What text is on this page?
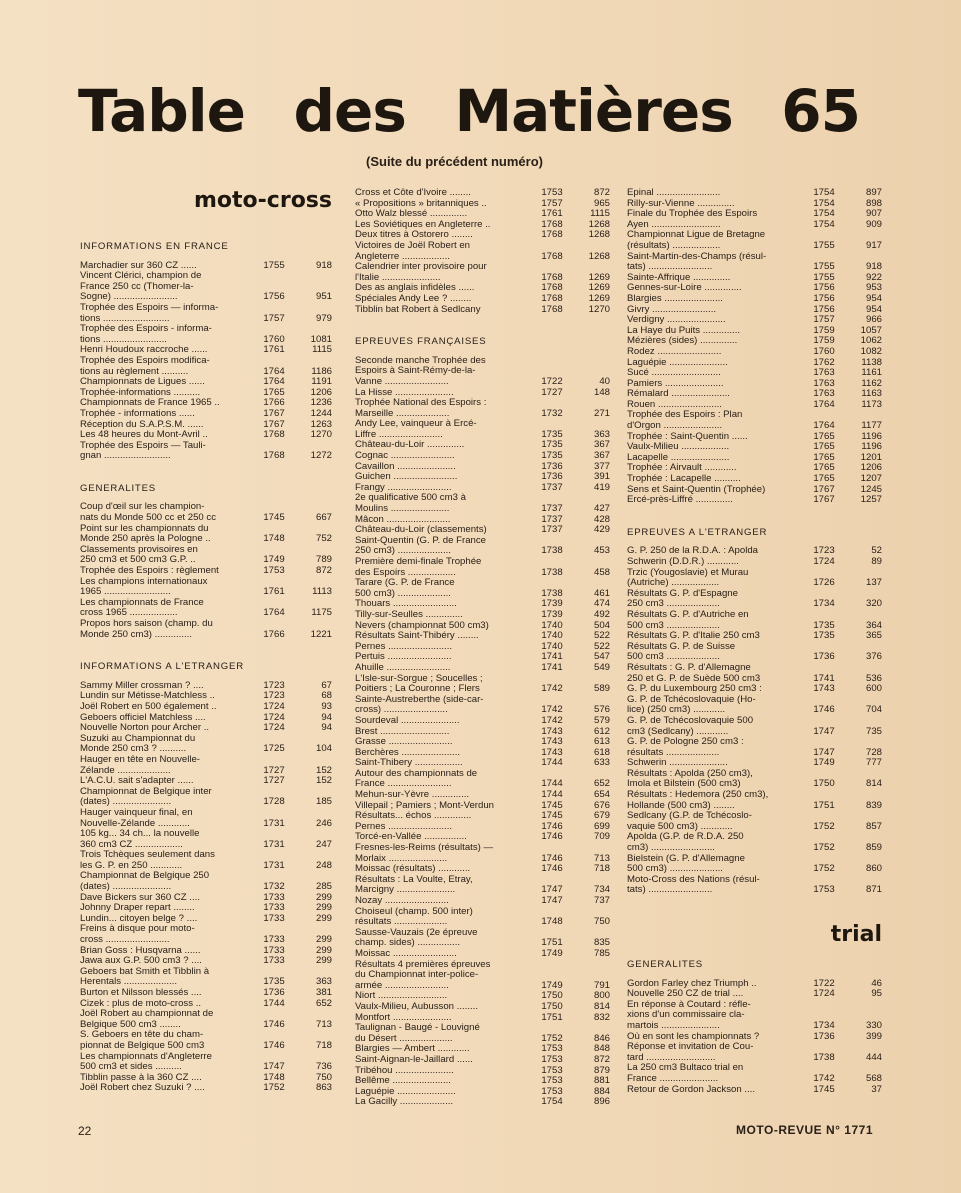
Table des Matières 65
(Suite du précédent numéro)
moto-cross
INFORMATIONS EN FRANCE
Marchadier sur 360 CZ ......	1755	918
Vincent Clérici, champion de
France 250 cc (Thomer-la-
Sogne) ........................	1756	951
Trophée des Espoirs — informa-
tions .........................	1757	979
Trophée des Espoirs - informa-
tions ........................	1760	1081
Henri Houdoux raccroche ......	1761	1115
Trophée des Espoirs modifica-
tions au règlement ..........	1764	1186
Championnats de Ligues ......	1764	1191
Trophée-informations ..........	1765	1206
Championnats de France 1965 ..	1766	1236
Trophée - informations ......	1767	1244
Réception du S.A.P.S.M. ......	1767	1263
Les 48 heures du Mont-Avril ..	1768	1270
Trophée des Espoirs — Tauli-
gnan .........................	1768	1272
GENERALITES
Coup d'œil sur les champion-
nats du Monde 500 cc et 250 cc	1745	667
Point sur les championnats du
Monde 250 après la Pologne ..	1748	752
Classements provisoires en
250 cm3 et 500 cm3 G.P. ..	1749	789
Trophée des Espoirs : règlement	1753	872
Les champions internationaux
1965 .........................	1761	1113
Les championnats de France
cross 1965 ..................	1764	1175
Propos hors saison (champ. du
Monde 250 cm3) ..............	1766	1221
INFORMATIONS A L'ETRANGER
Sammy Miller crossman ? ....	1723	67
Lundin sur Métisse-Matchless ..	1723	68
Joël Robert en 500 également ..	1724	93
Geboers officiel Matchless ....	1724	94
Nouvelle Norton pour Archer ..	1724	94
Suzuki au Championnat du
Monde 250 cm3 ? ..........	1725	104
Hauger en tête en Nouvelle-
Zélande ....................	1727	152
L'A.C.U. sait s'adapter ......	1727	152
Championnat de Belgique inter
(dates) ......................	1728	185
Hauger vainqueur final, en
Nouvelle-Zélande ............	1731	246
105 kg... 34 ch... la nouvelle
360 cm3 CZ ..................	1731	247
Trois Tchèques seulement dans
les G. P. en 250 ............	1731	248
Championnat de Belgique 250
(dates) ......................	1732	285
Dave Bickers sur 360 CZ ....	1733	299
Johnny Draper repart ........	1733	299
Lundin... citoyen belge ? ....	1733	299
Freins à disque pour moto-
cross ........................	1733	299
Brian Goss : Husqvarna ......	1733	299
Jawa aux G.P. 500 cm3 ? ....	1733	299
Geboers bat Smith et Tibblin à
Herentals ....................	1735	363
Burton et Nilsson blessés ....	1736	381
Cizek : plus de moto-cross ..	1744	652
Joël Robert au championnat de
Belgique 500 cm3 ........	1746	713
S. Geboers en tête du cham-
pionnat de Belgique 500 cm3	1746	718
Les championnats d'Angleterre
500 cm3 et sides ..........	1747	736
Tibblin passe à la 360 CZ ....	1748	750
Joël Robert chez Suzuki ? ....	1752	863
Cross et Côte d'Ivoire ........	1753	872
« Propositions » britanniques ..	1757	965
Otto Walz blessé ..............	1761	1115
Les Soviétiques en Angleterre ..	1768	1268
Deux titres à Ostorero ........	1768	1268
Victoires de Joël Robert en
Angleterre ..................	1768	1268
Calendrier inter provisoire pour
l'Italie ......................	1768	1269
Des as anglais infidèles ......	1768	1269
Spéciales Andy Lee ? ........	1768	1269
Tibblin bat Robert à Sedlcany	1768	1270
EPREUVES FRANÇAISES
Seconde manche Trophée des
Espoirs à Saint-Rémy-de-la-
Vanne ........................	1722	40
La Hisse ......................	1727	148
Trophée National des Espoirs :
Marseille ....................	1732	271
Andy Lee, vainqueur à Ercé-
Liffre ........................	1735	363
Château-du-Loir ..............	1735	367
Cognac ........................	1735	367
Cavaillon ......................	1736	377
Guichen ........................	1736	391
Frangy ........................	1737	419
2e qualificative 500 cm3 à
Moulins ......................	1737	427
Mâcon ........................	1737	428
Château-du-Loir (classements)	1737	429
Saint-Quentin (G. P. de France
250 cm3) ....................	1738	453
Première demi-finale Trophée
des Espoirs ..................	1738	458
Tarare (G. P. de France
500 cm3) ....................	1738	461
Thouars ........................	1739	474
Tilly-sur-Seulles ..............	1739	492
Nevers (championnat 500 cm3)	1740	504
Résultats Saint-Thibéry ........	1740	522
Pernes ........................	1740	522
Pertuis ........................	1741	547
Ahuille ........................	1741	549
L'Isle-sur-Sorgue ; Soucelles ;
Poitiers ; La Couronne ; Flers	1742	589
Sainte-Austreberthe (side-car-
cross) ........................	1742	576
Sourdeval ......................	1742	579
Brest ..........................	1743	612
Grasse ........................	1743	613
Berchères ......................	1743	618
Saint-Thibery ..................	1744	633
Autour des championnats de
France ........................	1744	652
Mehun-sur-Yèvre ..............	1744	654
Villepail ; Pamiers ; Mont-Verdun	1745	676
Résultats... échos ..............	1745	679
Pernes ........................	1746	699
Torcé-en-Vallée ................	1746	709
Fresnes-les-Reims (résultats) —
Morlaix ......................	1746	713
Moissac (résultats) ............	1746	718
Résultats : La Voulte, Etray,
Marcigny ......................	1747	734
Nozay ........................	1747	737
Choiseul (champ. 500 inter)
résultats ....................	1748	750
Sausse-Vauzais (2e épreuve
champ. sides) ................	1751	835
Moissac ........................	1749	785
Résultats 4 premières épreuves
du Championnat inter-police-
armée ........................	1749	791
Niort ..........................	1750	800
Vaulx-Milieu, Aubusson ........	1750	814
Montfort ......................	1751	832
Taulignan - Baugé - Louvigné
du Désert ....................	1752	846
Blargies — Ambert ............	1753	848
Saint-Aignan-le-Jaillard ......	1753	872
Tribéhou ......................	1753	879
Bellême ......................	1753	881
Laguépie ......................	1753	884
La Gacilly ....................	1754	896
Epinal ........................	1754	897
Rilly-sur-Vienne ..............	1754	898
Finale du Trophée des Espoirs	1754	907
Ayen ..........................	1754	909
Championnat Ligue de Bretagne
(résultats) ..................	1755	917
Saint-Martin-des-Champs (résul-
tats) ........................	1755	918
Sainte-Affrique ..............	1755	922
Gennes-sur-Loire ..............	1756	953
Blargies ......................	1756	954
Givry ........................	1756	954
Verdigny ......................	1757	966
La Haye du Puits ..............	1759	1057
Mézières (sides) ..............	1759	1062
Rodez ........................	1760	1082
Laguépie ......................	1762	1138
Sucé ..........................	1763	1161
Pamiers ......................	1763	1162
Rémalard ......................	1763	1163
Rouen ........................	1764	1173
Trophée des Espoirs : Plan
d'Orgon ......................	1764	1177
Trophée : Saint-Quentin ......	1765	1196
Vaulx-Milieu ..................	1765	1196
Lacapelle ......................	1765	1201
Trophée : Airvault ............	1765	1206
Trophée : Lacapelle ..........	1765	1207
Sens et Saint-Quentin (Trophée)	1767	1245
Ercé-près-Liffré ..............	1767	1257
EPREUVES A L'ETRANGER
G. P. 250 de la R.D.A. : Apolda	1723	52
Schwerin (D.D.R.) ............	1724	89
Trzic (Yougoslavie) et Murau
(Autriche) ..................	1726	137
Résultats G. P. d'Espagne
250 cm3 ....................	1734	320
Résultats G. P. d'Autriche en
500 cm3 ....................	1735	364
Résultats G. P. d'Italie 250 cm3	1735	365
Résultats G. P. de Suisse
500 cm3 ....................	1736	376
Résultats : G. P. d'Allemagne
250 et G. P. de Suède 500 cm3	1741	536
G. P. du Luxembourg 250 cm3 :	1743	600
G. P. de Tchécoslovaquie (Ho-
lice) (250 cm3) ............	1746	704
G. P. de Tchécoslovaquie 500
cm3 (Sedlcany) ............	1747	735
G. P. de Pologne 250 cm3 :
résultats ....................	1747	728
Schwerin ......................	1749	777
Résultats : Apolda (250 cm3),
Imola et Bilstein (500 cm3)	1750	814
Résultats : Hedemora (250 cm3),
Hollande (500 cm3) ........	1751	839
Sedlcany (G.P. de Tchécoslo-
vaquie 500 cm3) ............	1752	857
Apolda (G.P. de R.D.A. 250
cm3) ........................	1752	859
Bielstein (G. P. d'Allemagne
500 cm3) ....................	1752	860
Moto-Cross des Nations (résul-
tats) ........................	1753	871
trial
GENERALITES
Gordon Farley chez Triumph ..	1722	46
Nouvelle 250 CZ de trial ....	1724	95
En réponse à Coutard : réfle-
xions d'un commissaire cla-
martois ......................	1734	330
Où en sont les championnats ?	1736	399
Réponse et invitation de Cou-
tard ..........................	1738	444
La 250 cm3 Bultaco trial en
France ......................	1742	568
Retour de Gordon Jackson ....	1745	37
22	MOTO-REVUE N° 1771
